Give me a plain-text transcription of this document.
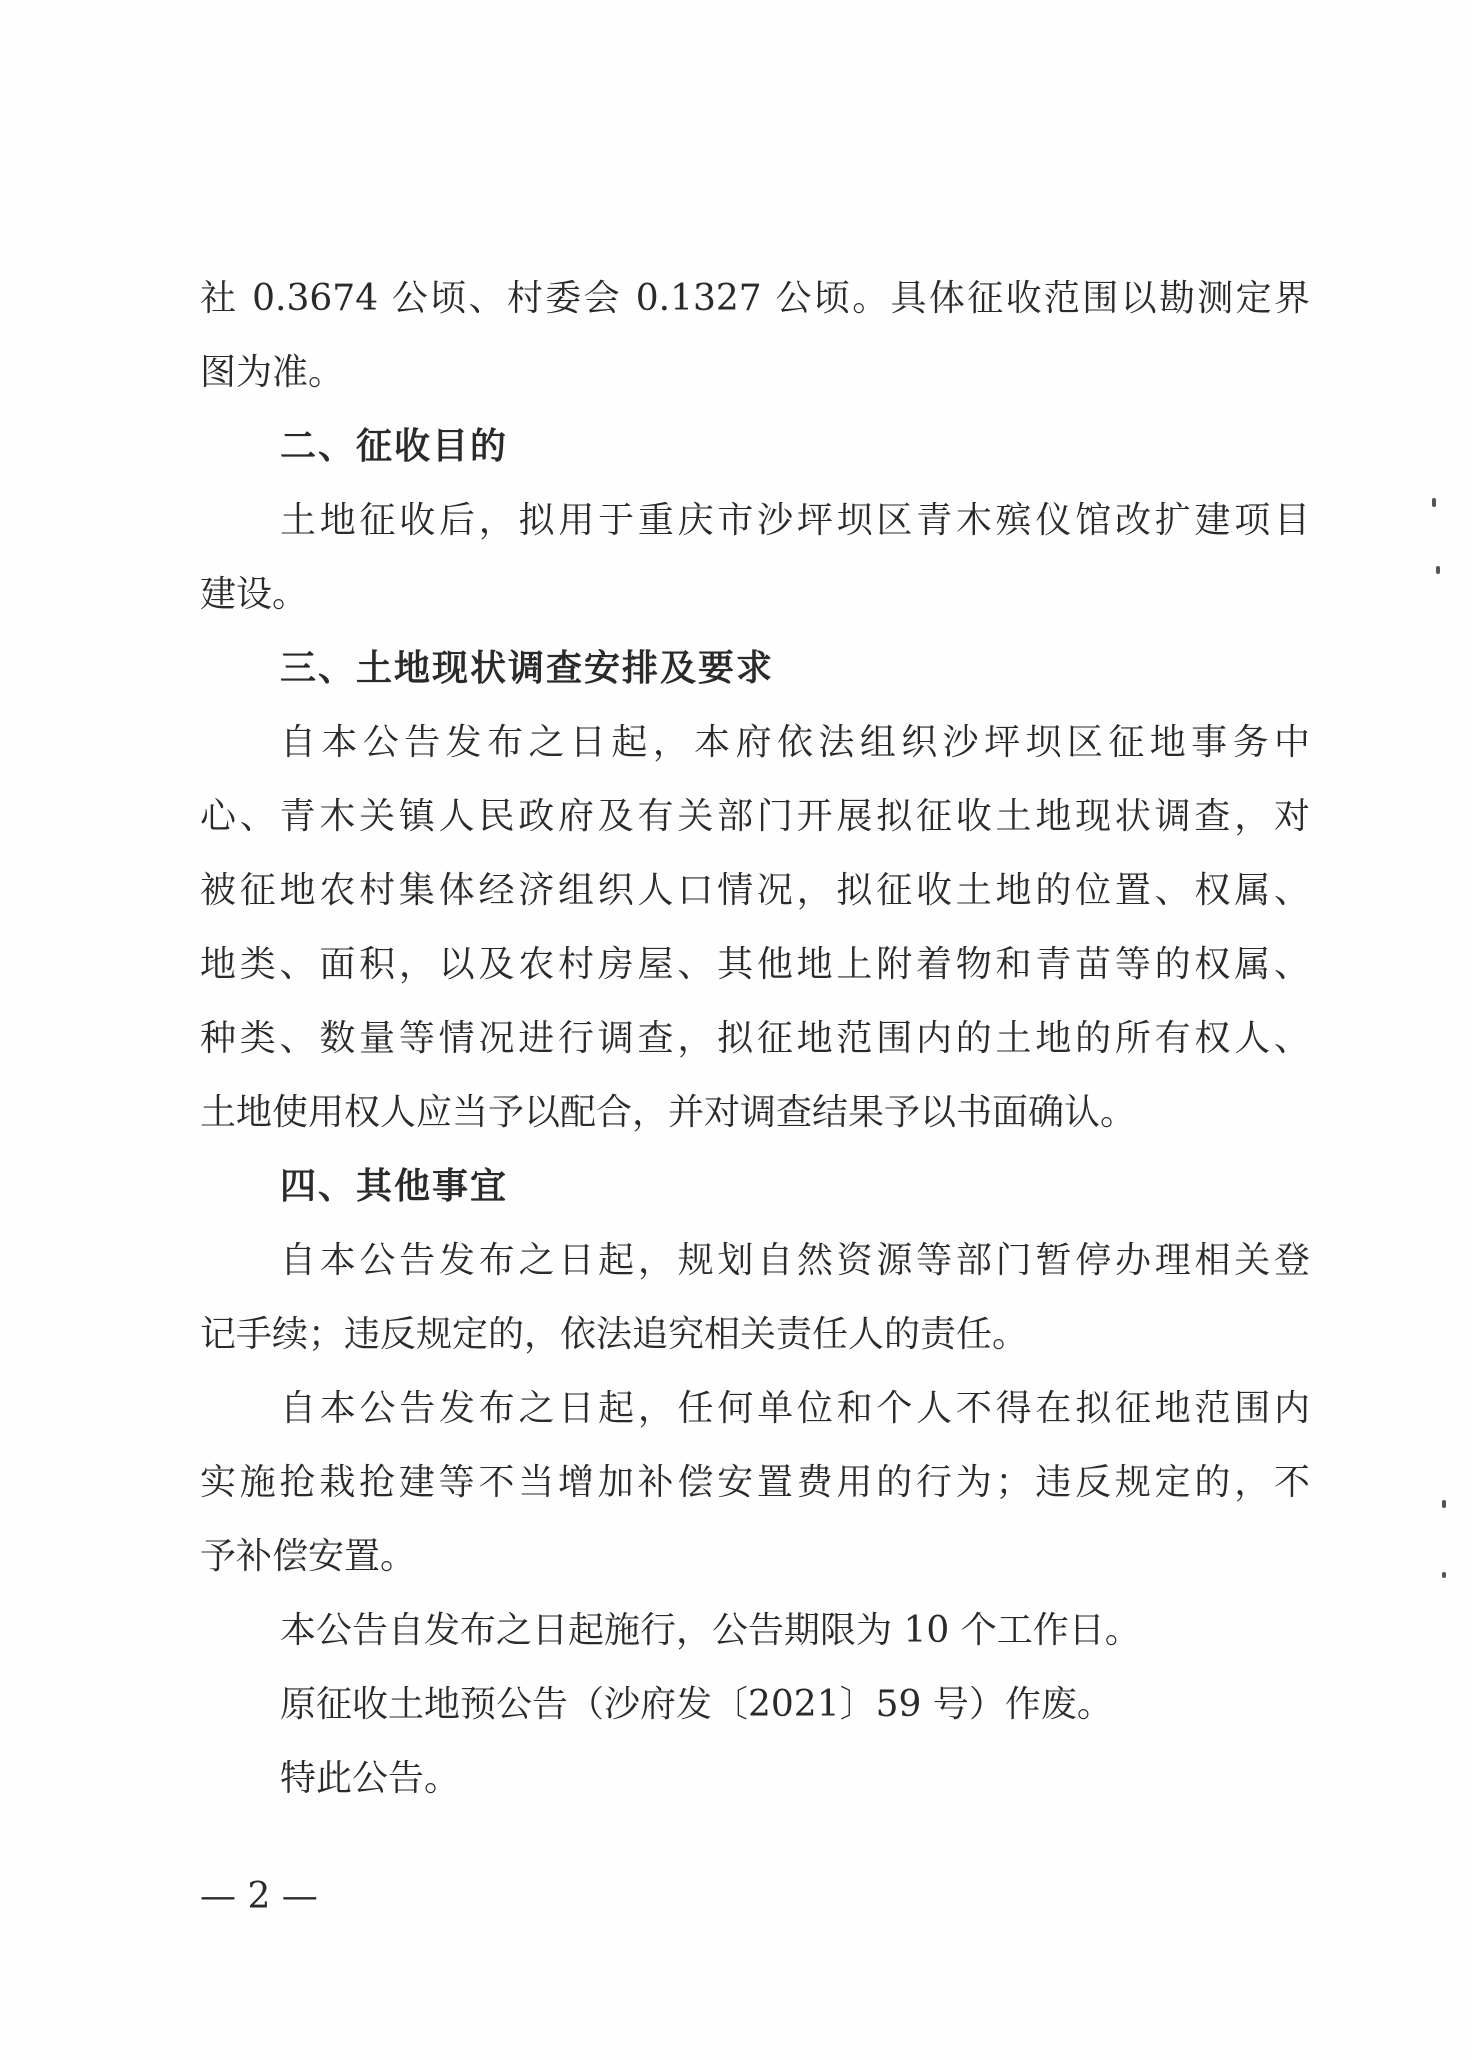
社 0.3674 公顷、村委会 0.1327 公顷。具体征收范围以勘测定界
图为准。
二、征收目的
土地征收后，拟用于重庆市沙坪坝区青木殡仪馆改扩建项目
建设。
三、土地现状调查安排及要求
自本公告发布之日起，本府依法组织沙坪坝区征地事务中
心、青木关镇人民政府及有关部门开展拟征收土地现状调查，对
被征地农村集体经济组织人口情况，拟征收土地的位置、权属、
地类、面积，以及农村房屋、其他地上附着物和青苗等的权属、
种类、数量等情况进行调查，拟征地范围内的土地的所有权人、
土地使用权人应当予以配合，并对调查结果予以书面确认。
四、其他事宜
自本公告发布之日起，规划自然资源等部门暂停办理相关登
记手续；违反规定的，依法追究相关责任人的责任。
自本公告发布之日起，任何单位和个人不得在拟征地范围内
实施抢栽抢建等不当增加补偿安置费用的行为；违反规定的，不
予补偿安置。
本公告自发布之日起施行，公告期限为 10 个工作日。
原征收土地预公告（沙府发〔2021〕59 号）作废。
特此公告。
— 2 —
